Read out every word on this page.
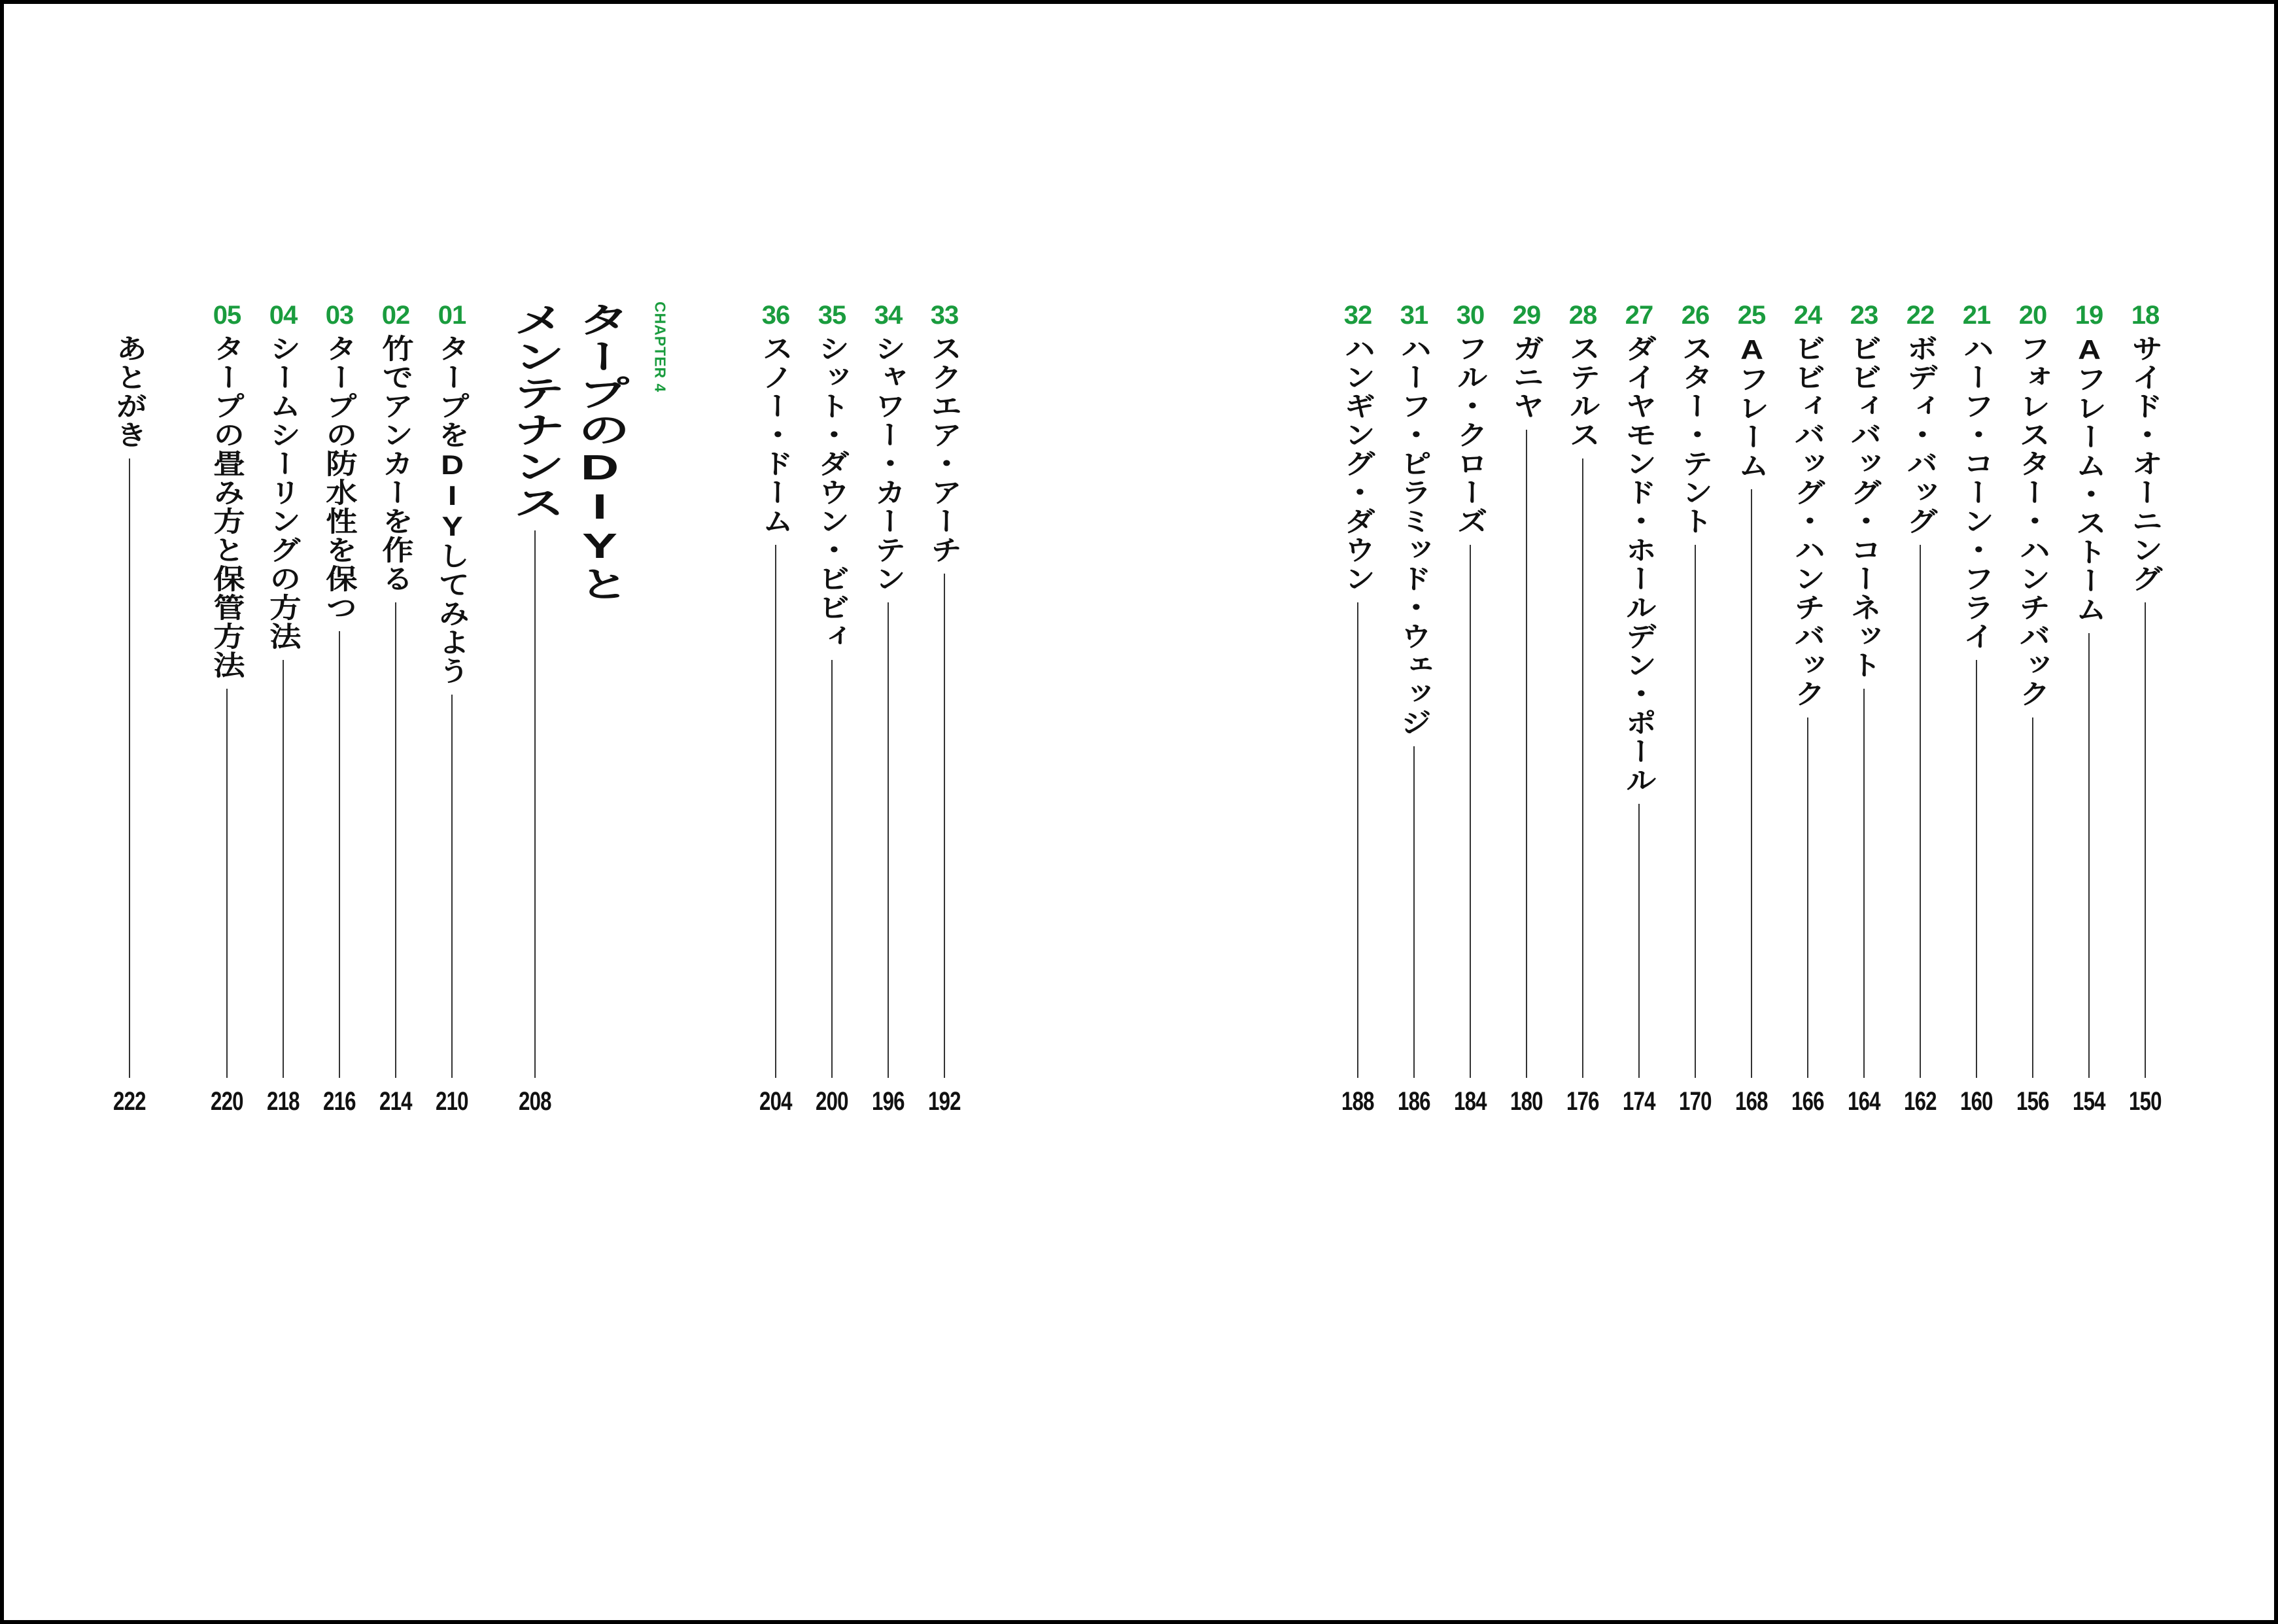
33
スクエア・アーチ
192
34
シャワー・カーテン
196
35
シット・ダウン・ビビィ
200
36
スノー・ドーム
204
CHAPTER 4
タープのDIYと
メンテナンス
208
01
タープをDIYしてみよう
210
02
竹でアンカーを作る
214
03
タープの防水性を保つ
216
04
シームシーリングの方法
218
05
タープの畳み方と保管方法
220
あとがき
222
18
サイド・オーニング
150
19
Aフレーム・ストーム
154
20
フォレスター・ハンチバック
156
21
ハーフ・コーン・フライ
160
22
ボディ・バッグ
162
23
ビビィバッグ・コーネット
164
24
ビビィバッグ・ハンチバック
166
25
Aフレーム
168
26
スター・テント
170
27
ダイヤモンド・ホールデン・ポール
174
28
ステルス
176
29
ガニヤ
180
30
フル・クローズ
184
31
ハーフ・ピラミッド・ウェッジ
186
32
ハンギング・ダウン
188
